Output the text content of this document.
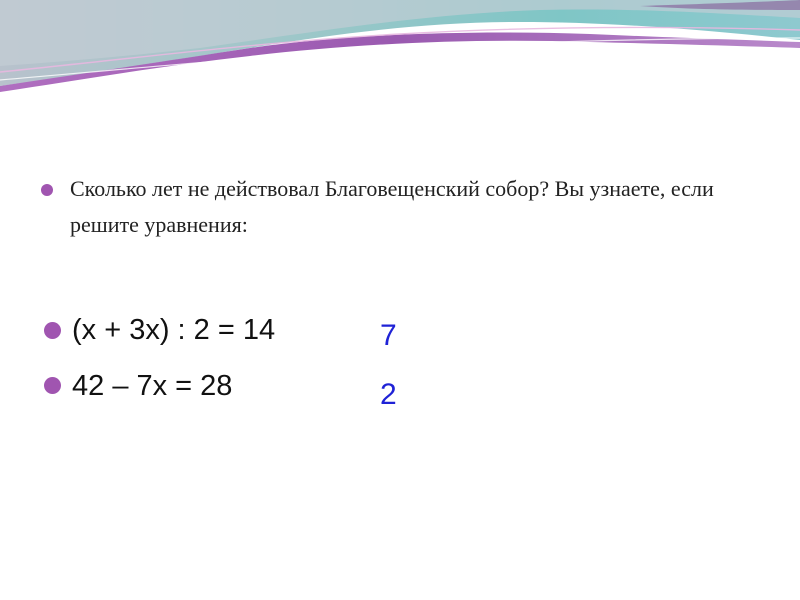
Сколько лет не действовал Благовещенский собор? Вы узнаете, если решите уравнения:
(x + 3x) : 2 = 14	7
42 – 7x = 28	2
